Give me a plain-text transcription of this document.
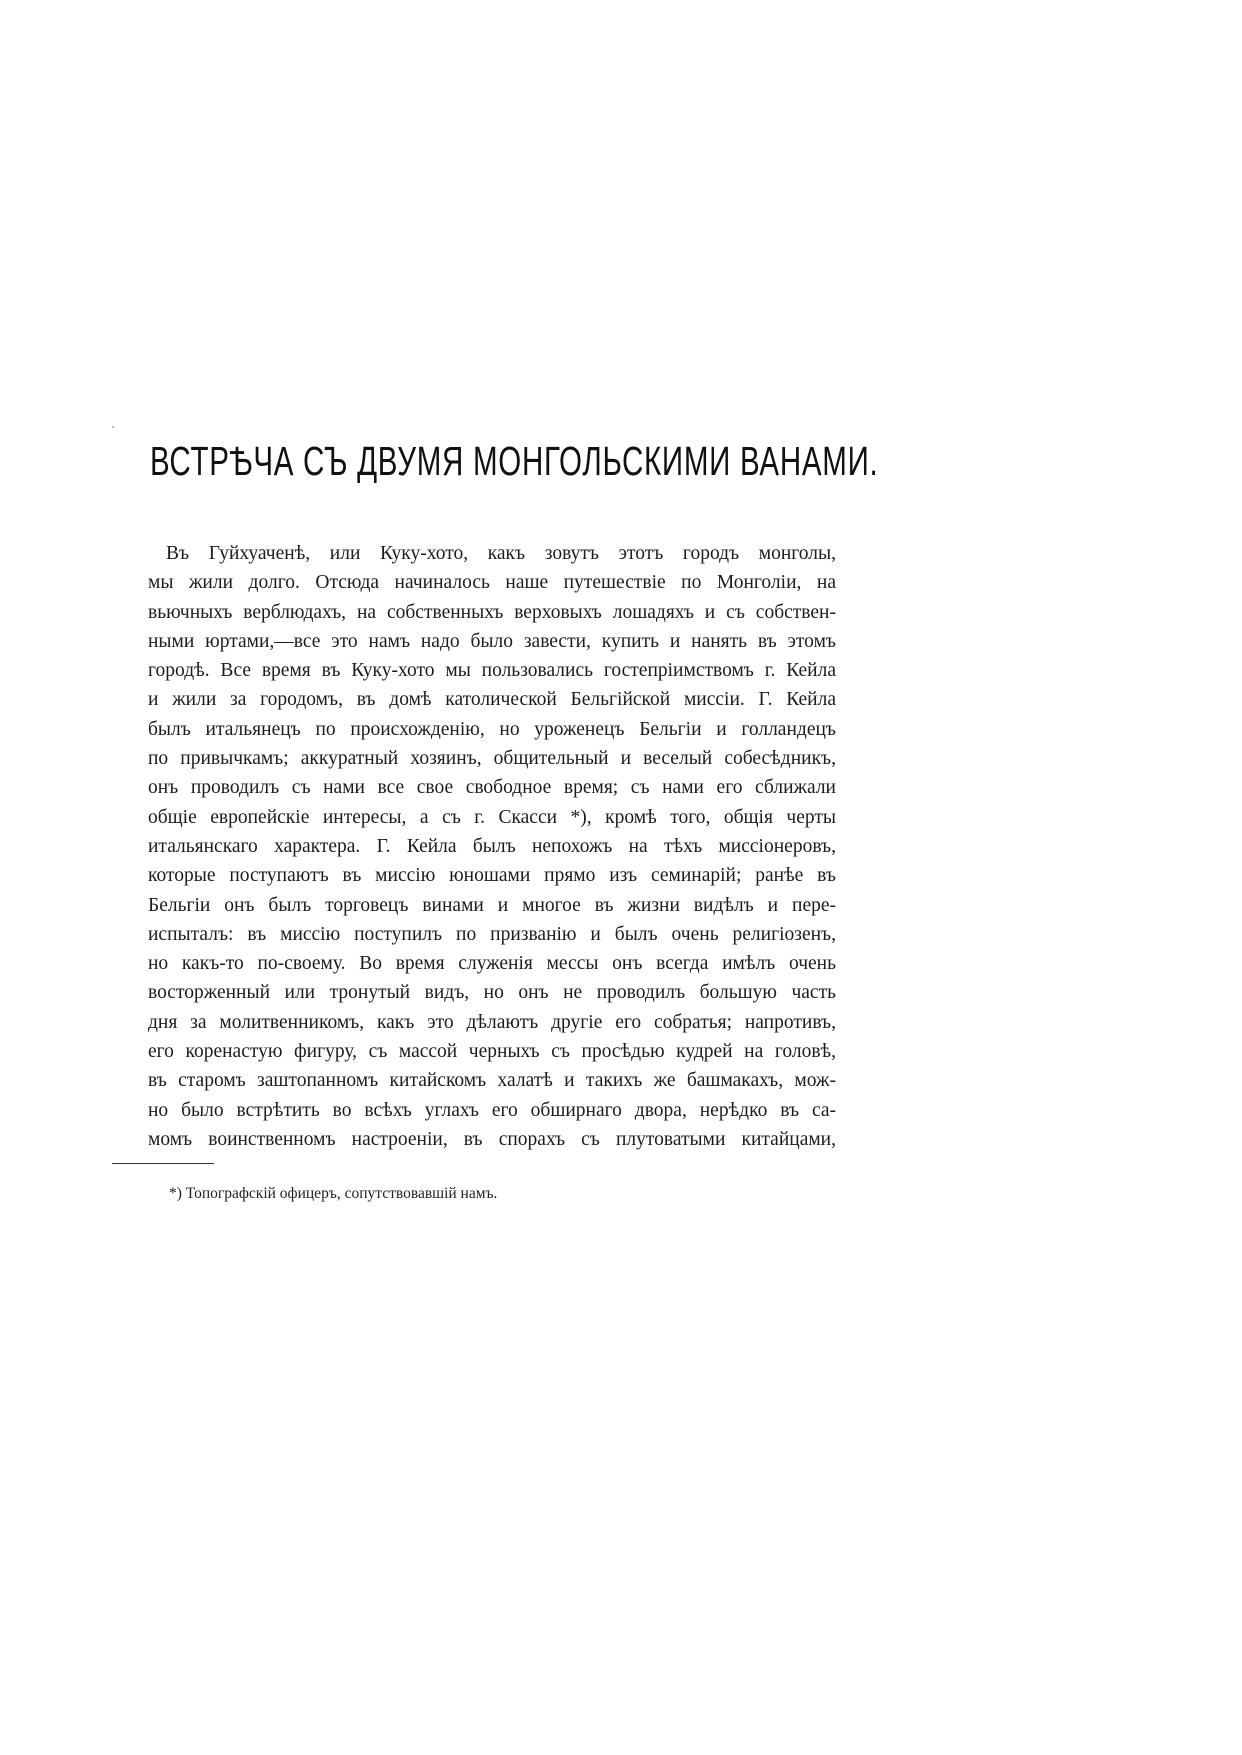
ВСТРѢЧА СЪ ДВУМЯ МОНГОЛЬСКИМИ ВАНАМИ.
Въ Гуйхуаченѣ, или Куку-хото, какъ зовутъ этотъ городъ монголы,
мы жили долго. Отсюда начиналось наше путешествіе по Монголіи, на
вьючныхъ верблюдахъ, на собственныхъ верховыхъ лошадяхъ и съ собствен-
ными юртами,—все это намъ надо было завести, купить и нанять въ этомъ
городѣ. Все время въ Куку-хото мы пользовались гостепріимствомъ г. Кейла
и жили за городомъ, въ домѣ католической Бельгійской миссіи. Г. Кейла
былъ итальянецъ по происхожденію, но уроженецъ Бельгіи и голландецъ
по привычкамъ; аккуратный хозяинъ, общительный и веселый собесѣдникъ,
онъ проводилъ съ нами все свое свободное время; съ нами его сближали
общіе европейскіе интересы, а съ г. Скасси *), кромѣ того, общія черты
итальянскаго характера. Г. Кейла былъ непохожъ на тѣхъ миссіонеровъ,
которые поступаютъ въ миссію юношами прямо изъ семинарій; ранѣе въ
Бельгіи онъ былъ торговецъ винами и многое въ жизни видѣлъ и пере-
испыталъ: въ миссію поступилъ по призванію и былъ очень религіозенъ,
но какъ-то по-своему. Во время служенія мессы онъ всегда имѣлъ очень
восторженный или тронутый видъ, но онъ не проводилъ большую часть
дня за молитвенникомъ, какъ это дѣлаютъ другіе его собратья; напротивъ,
его коренастую фигуру, съ массой черныхъ съ просѣдью кудрей на головѣ,
въ старомъ заштопанномъ китайскомъ халатѣ и такихъ же башмакахъ, мож-
но было встрѣтить во всѣхъ углахъ его обширнаго двора, нерѣдко въ са-
момъ воинственномъ настроеніи, въ спорахъ съ плутоватыми китайцами,
*) Топографскій офицеръ, сопутствовавшій намъ.
